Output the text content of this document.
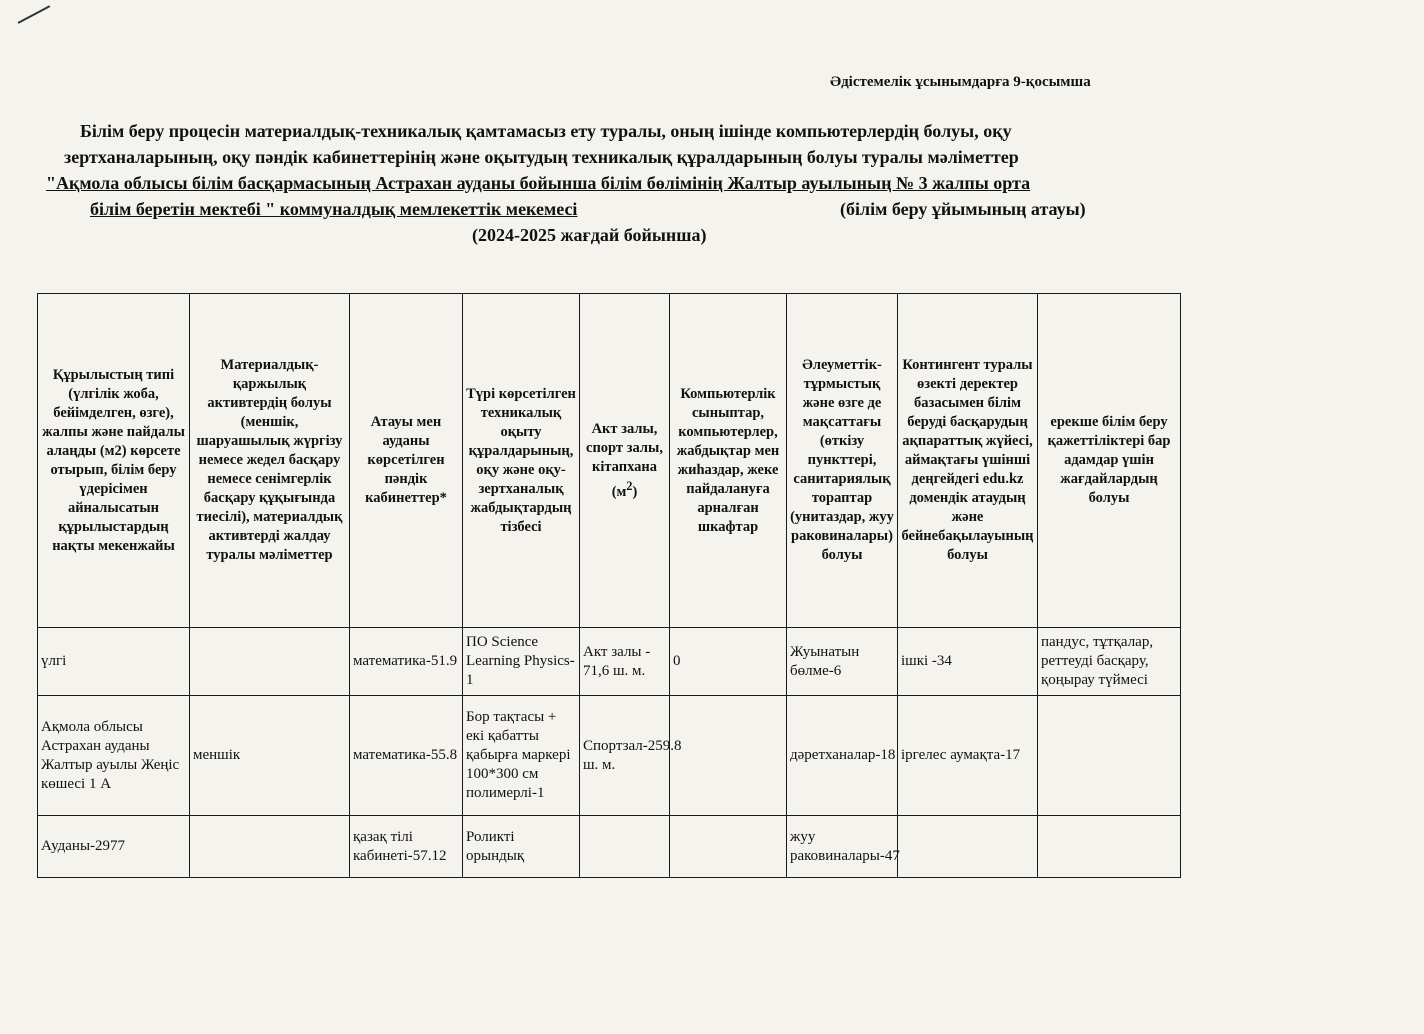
Әдістемелік ұсынымдарға 9-қосымша
Білім беру процесін материалдық-техникалық қамтамасыз ету туралы, оның ішінде компьютерлердің болуы, оқу
зертханаларының, оқу пәндік кабинеттерінің және оқытудың техникалық құралдарының болуы туралы мәліметтер
"Ақмола облысы білім басқармасының Астрахан ауданы бойынша білім бөлімінің Жалтыр ауылының № 3 жалпы орта
білім беретін мектебі " коммуналдық мемлекеттік мекемесі	(білім беру ұйымының атауы)
(2024-2025 жағдай бойынша)
Құрылыстың типі (үлгілік жоба, бейімделген, өзге), жалпы және пайдалы алаңды (м2) көрсете отырып, білім беру үдерісімен айналысатын құрылыстардың нақты мекенжайы	Материалдық-қаржылық активтердің болуы (меншік, шаруашылық жүргізу немесе жедел басқару немесе сенімгерлік басқару құқығында тиесілі), материалдық активтерді жалдау туралы мәліметтер	Атауы мен ауданы көрсетілген пәндік кабинеттер*	Түрі көрсетілген техникалық оқыту құралдарының, оқу және оқу-зертханалық жабдықтардың тізбесі	Акт залы, спорт залы, кітапхана $(м^2)$	Компьютерлік сыныптар, компьютерлер, жабдықтар мен жиһаздар, жеке пайдалануға арналған шкафтар	Әлеуметтік-тұрмыстық және өзге де мақсаттағы (өткізу пункттері, санитариялық тораптар (унитаздар, жуу раковиналары) болуы	Контингент туралы өзекті деректер базасымен білім беруді басқарудың ақпараттық жүйесі, аймақтағы үшінші деңгейдегі edu.kz домендік атаудың және бейнебақылауының болуы	ерекше білім беру қажеттіліктері бар адамдар үшін жағдайлардың болуы
үлгі		математика-51.9	ПО Science Learning Physics-1	Акт залы - 71,6 ш. м.	0	Жуынатын бөлме-6	ішкі -34	пандус, тұтқалар, реттеуді басқару, қоңырау түймесі
Ақмола облысы Астрахан ауданы Жалтыр ауылы Жеңіс көшесі 1 А	меншік	математика-55.8	Бор тақтасы + екі қабатты қабырға маркері 100*300 см полимерлі-1	Спортзал-259.8 ш. м.		дәретханалар-18	іргелес аумақта-17	
Ауданы-2977		қазақ тілі кабинеті-57.12	Роликті орындық			жуу раковиналары-47		
